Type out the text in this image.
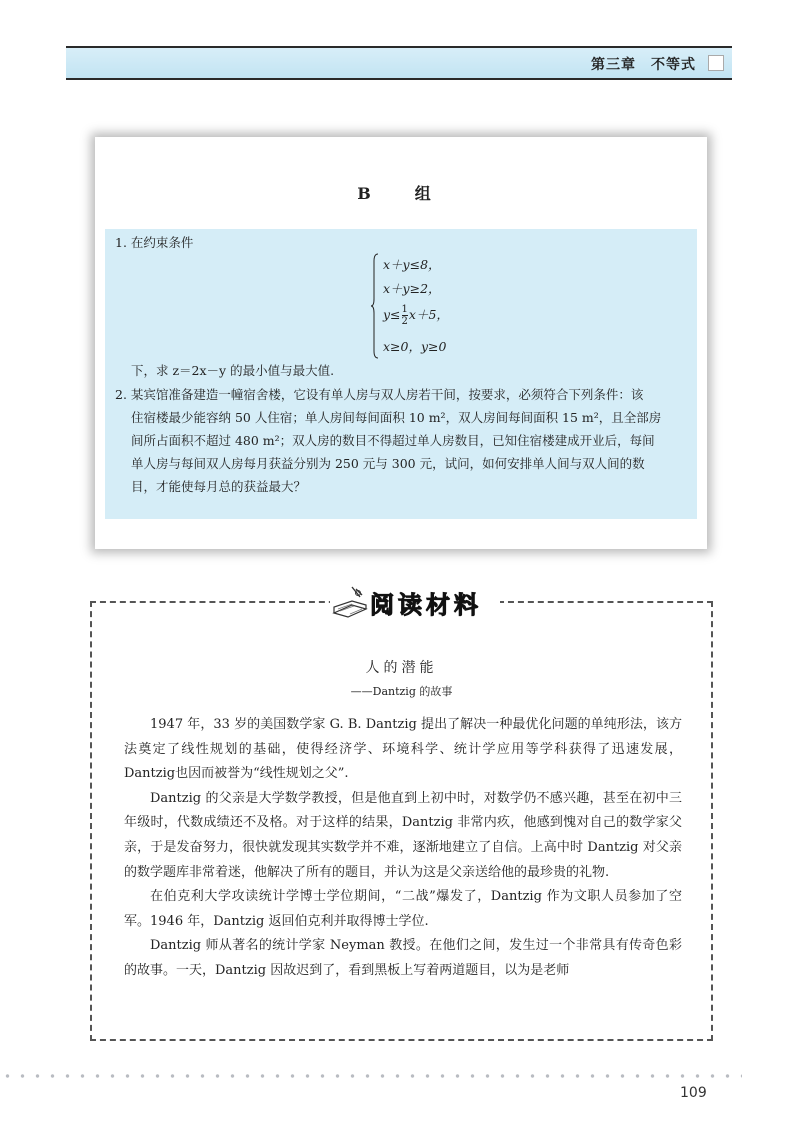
第三章　不等式
B　组
1. 在约束条件
x＋y≤8，
x＋y≥2，
$y\le \frac{1}{2} x+5$，
x≥0，y≥0
下，求 z＝2x－y 的最小值与最大值.

2. 某宾馆准备建造一幢宿舍楼，它设有单人房与双人房若干间，按要求，必须符合下列条件：该

住宿楼最少能容纳 50 人住宿；单人房间每间面积 10 m²，双人房间每间面积 15 m²，且全部房

间所占面积不超过 480 m²；双人房的数目不得超过单人房数目，已知住宿楼建成开业后，每间

单人房与每间双人房每月获益分别为 250 元与 300 元，试问，如何安排单人间与双人间的数

目，才能使每月总的获益最大？

阅读材料
人的潜能
——Dantzig 的故事

1947 年，33 岁的美国数学家 G. B. Dantzig 提出了解决一种最优化问题的单纯形法，该方法奠定了线性规划的基础，使得经济学、环境科学、统计学应用等学科获得了迅速发展，Dantzig也因而被誉为“线性规划之父”.

Dantzig 的父亲是大学数学教授，但是他直到上初中时，对数学仍不感兴趣，甚至在初中三年级时，代数成绩还不及格。对于这样的结果，Dantzig 非常内疚，他感到愧对自己的数学家父亲，于是发奋努力，很快就发现其实数学并不难，逐渐地建立了自信。上高中时 Dantzig 对父亲的数学题库非常着迷，他解决了所有的题目，并认为这是父亲送给他的最珍贵的礼物.

在伯克利大学攻读统计学博士学位期间，“二战”爆发了，Dantzig 作为文职人员参加了空军。1946 年，Dantzig 返回伯克利并取得博士学位.

Dantzig 师从著名的统计学家 Neyman 教授。在他们之间，发生过一个非常具有传奇色彩的故事。一天，Dantzig 因故迟到了，看到黑板上写着两道题目，以为是老师

109
